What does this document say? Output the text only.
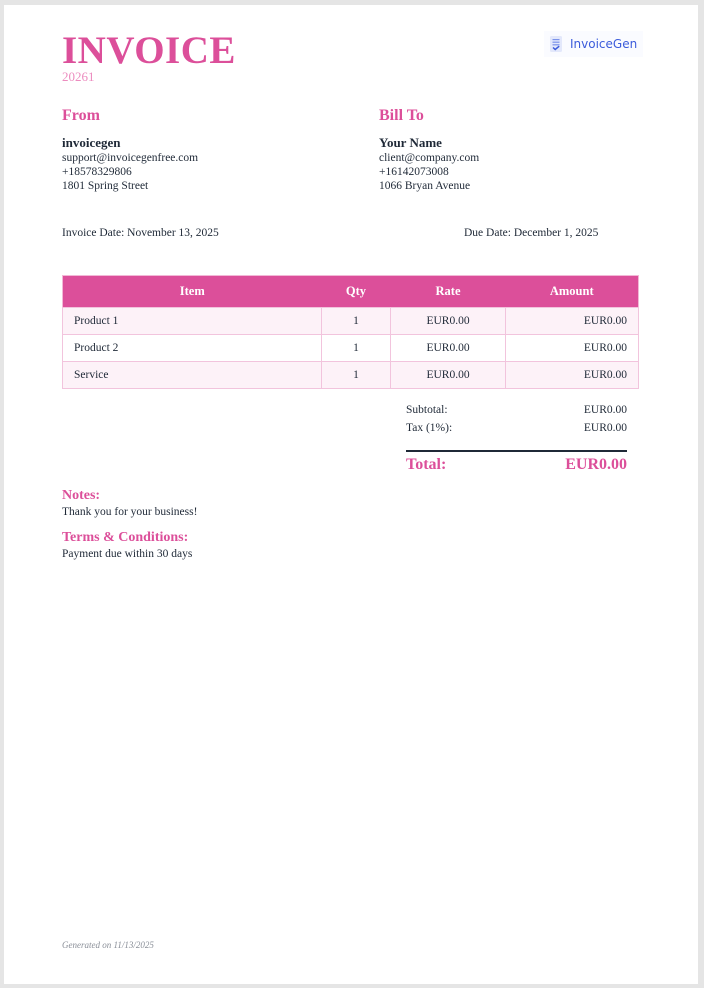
INVOICE
20261
InvoiceGen
From
invoicegen
support@invoicegenfree.com
+18578329806
1801 Spring Street
Bill To
Your Name
client@company.com
+16142073008
1066 Bryan Avenue
Invoice Date: November 13, 2025	Due Date: December 1, 2025
Item	Qty	Rate	Amount
Product 1	1	EUR0.00	EUR0.00
Product 2	1	EUR0.00	EUR0.00
Service	1	EUR0.00	EUR0.00
Subtotal:	EUR0.00
Tax (1%):	EUR0.00
Total:	EUR0.00
Notes:
Thank you for your business!
Terms & Conditions:
Payment due within 30 days
Generated on 11/13/2025
